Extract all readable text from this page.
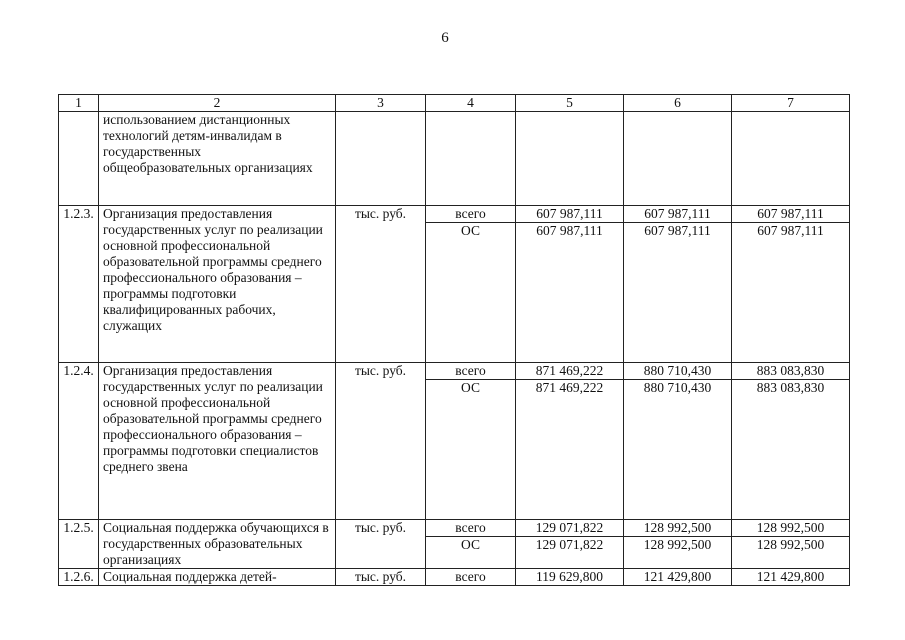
6
1	2	3	4	5	6	7
	использованием дистанционных технологий детям-инвалидам в государственных общеобразовательных организациях					
1.2.3.	Организация предоставления государственных услуг по реализации основной профессиональной образовательной программы среднего профессионального образования – программы подготовки квалифицированных рабочих, служащих	тыс. руб.	всего	607 987,111	607 987,111	607 987,111
			ОС	607 987,111	607 987,111	607 987,111
1.2.4.	Организация предоставления государственных услуг по реализации основной профессиональной образовательной программы среднего профессионального образования – программы подготовки специалистов среднего звена	тыс. руб.	всего	871 469,222	880 710,430	883 083,830
			ОС	871 469,222	880 710,430	883 083,830
1.2.5.	Социальная поддержка обучающихся в государственных образовательных организациях	тыс. руб.	всего	129 071,822	128 992,500	128 992,500
			ОС	129 071,822	128 992,500	128 992,500
1.2.6.	Социальная поддержка детей-	тыс. руб.	всего	119 629,800	121 429,800	121 429,800
